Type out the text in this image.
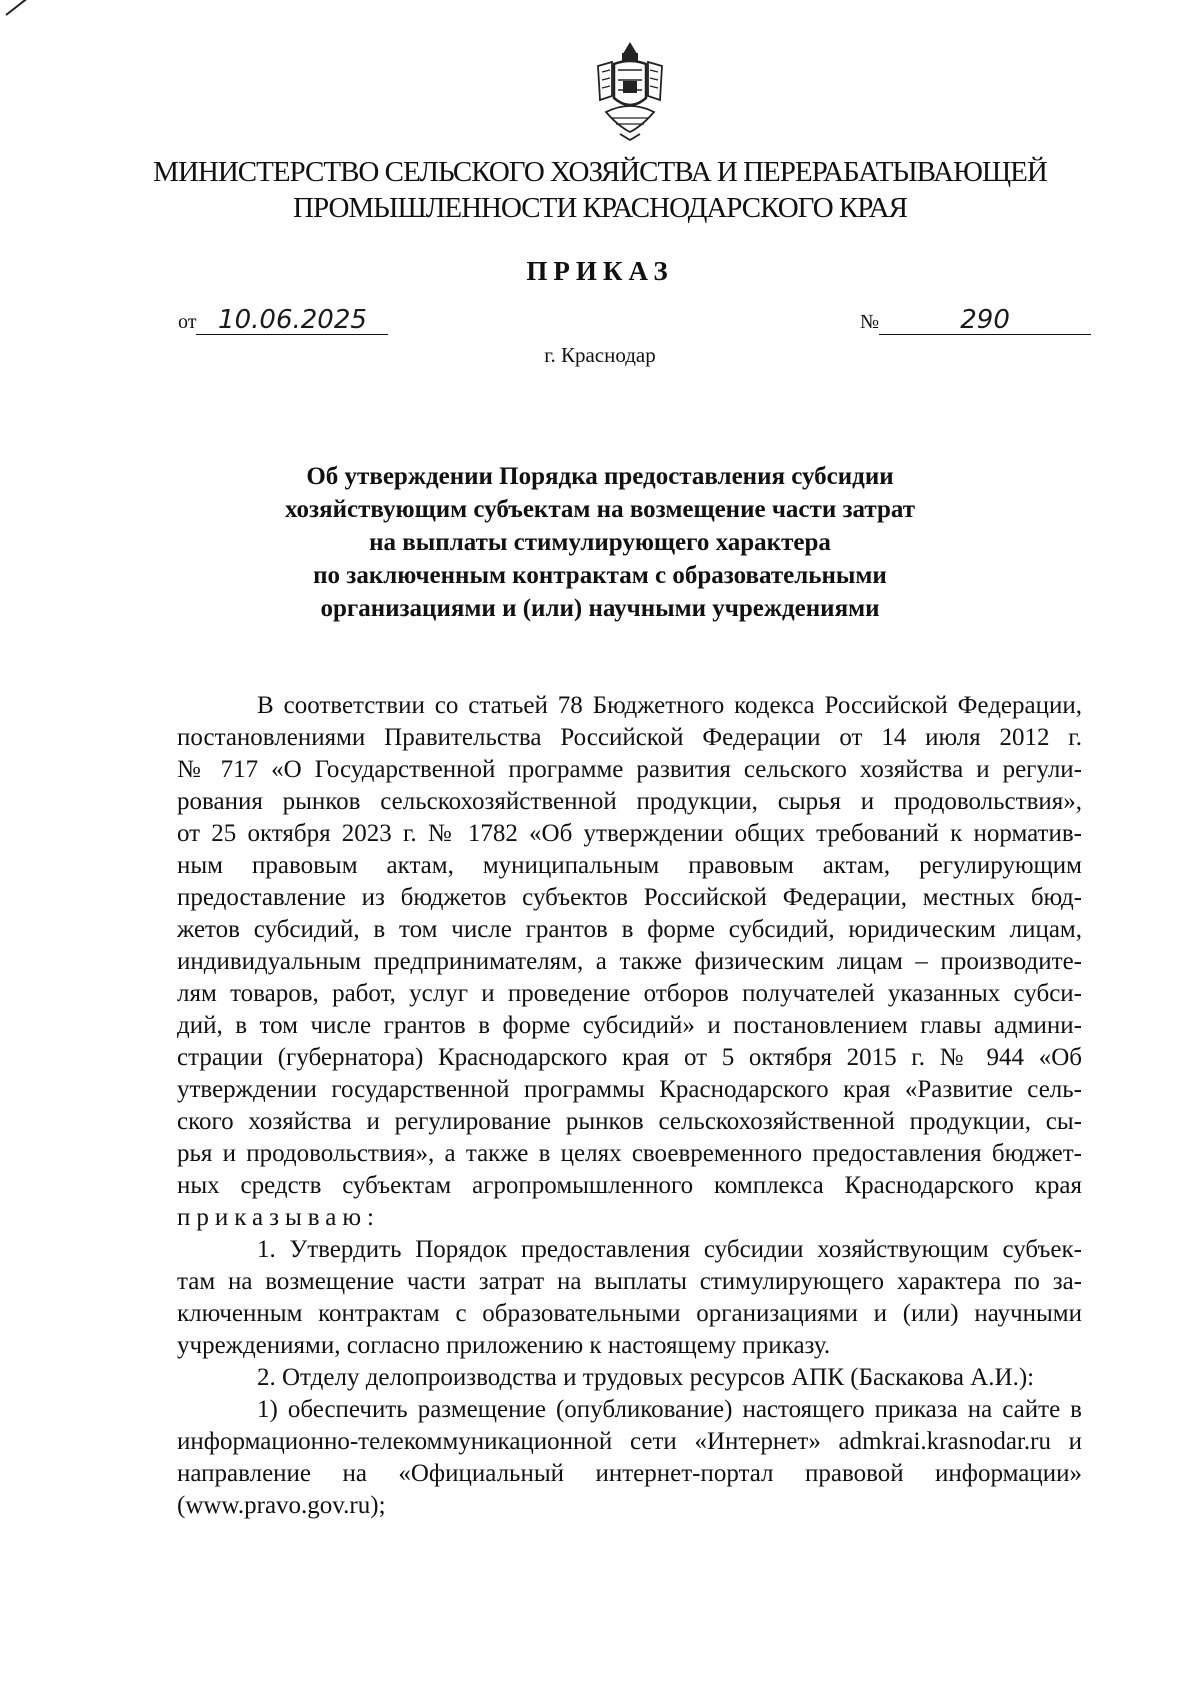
МИНИСТЕРСТВО СЕЛЬСКОГО ХОЗЯЙСТВА И ПЕРЕРАБАТЫВАЮЩЕЙ
ПРОМЫШЛЕННОСТИ КРАСНОДАРСКОГО КРАЯ
ПРИКАЗ
от 10.06.2025	№	290
г. Краснодар
Об утверждении Порядка предоставления субсидии
хозяйствующим субъектам на возмещение части затрат
на выплаты стимулирующего характера
по заключенным контрактам с образовательными
организациями и (или) научными учреждениями
В соответствии со статьей 78 Бюджетного кодекса Российской Федерации,
постановлениями Правительства Российской Федерации от 14 июля 2012 г.
№ 717 «О Государственной программе развития сельского хозяйства и регули-
рования рынков сельскохозяйственной продукции, сырья и продовольствия»,
от 25 октября 2023 г. № 1782 «Об утверждении общих требований к норматив-
ным правовым актам, муниципальным правовым актам, регулирующим
предоставление из бюджетов субъектов Российской Федерации, местных бюд-
жетов субсидий, в том числе грантов в форме субсидий, юридическим лицам,
индивидуальным предпринимателям, а также физическим лицам – производите-
лям товаров, работ, услуг и проведение отборов получателей указанных субси-
дий, в том числе грантов в форме субсидий» и постановлением главы админи-
страции (губернатора) Краснодарского края от 5 октября 2015 г. № 944 «Об
утверждении государственной программы Краснодарского края «Развитие сель-
ского хозяйства и регулирование рынков сельскохозяйственной продукции, сы-
рья и продовольствия», а также в целях своевременного предоставления бюджет-
ных средств субъектам агропромышленного комплекса Краснодарского края
приказываю:
1. Утвердить Порядок предоставления субсидии хозяйствующим субъек-
там на возмещение части затрат на выплаты стимулирующего характера по за-
ключенным контрактам с образовательными организациями и (или) научными
учреждениями, согласно приложению к настоящему приказу.
2. Отделу делопроизводства и трудовых ресурсов АПК (Баскакова А.И.):
1) обеспечить размещение (опубликование) настоящего приказа на сайте в
информационно-телекоммуникационной сети «Интернет» admkrai.krasnodar.ru и
направление на «Официальный интернет-портал правовой информации»
(www.pravo.gov.ru);
